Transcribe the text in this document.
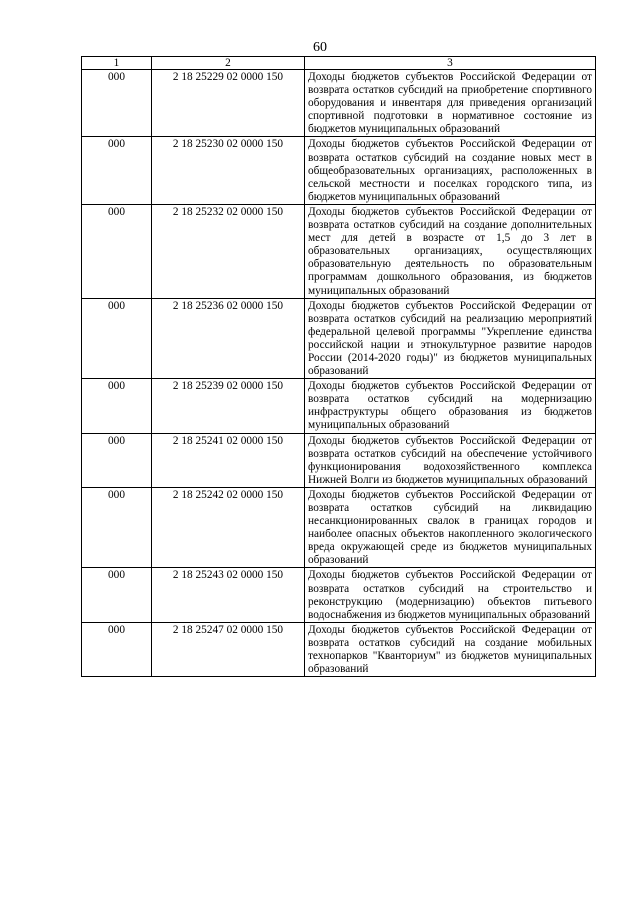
60
1	2	3
000	2 18 25229 02 0000 150	Доходы бюджетов субъектов Российской Федерации от возврата остатков субсидий на приобретение спортивного оборудования и инвентаря для приведения организаций спортивной подготовки в нормативное состояние из бюджетов муниципальных образований
000	2 18 25230 02 0000 150	Доходы бюджетов субъектов Российской Федерации от возврата остатков субсидий на создание новых мест в общеобразовательных организациях, расположенных в сельской местности и поселках городского типа, из бюджетов муниципальных образований
000	2 18 25232 02 0000 150	Доходы бюджетов субъектов Российской Федерации от возврата остатков субсидий на создание дополнительных мест для детей в возрасте от 1,5 до 3 лет в образовательных организациях, осуществляющих образовательную деятельность по образовательным программам дошкольного образования, из бюджетов муниципальных образований
000	2 18 25236 02 0000 150	Доходы бюджетов субъектов Российской Федерации от возврата остатков субсидий на реализацию мероприятий федеральной целевой программы "Укрепление единства российской нации и этнокультурное развитие народов России (2014-2020 годы)" из бюджетов муниципальных образований
000	2 18 25239 02 0000 150	Доходы бюджетов субъектов Российской Федерации от возврата остатков субсидий на модернизацию инфраструктуры общего образования из бюджетов муниципальных образований
000	2 18 25241 02 0000 150	Доходы бюджетов субъектов Российской Федерации от возврата остатков субсидий на обеспечение устойчивого функционирования водохозяйственного комплекса Нижней Волги из бюджетов муниципальных образований
000	2 18 25242 02 0000 150	Доходы бюджетов субъектов Российской Федерации от возврата остатков субсидий на ликвидацию несанкционированных свалок в границах городов и наиболее опасных объектов накопленного экологического вреда окружающей среде из бюджетов муниципальных образований
000	2 18 25243 02 0000 150	Доходы бюджетов субъектов Российской Федерации от возврата остатков субсидий на строительство и реконструкцию (модернизацию) объектов питьевого водоснабжения из бюджетов муниципальных образований
000	2 18 25247 02 0000 150	Доходы бюджетов субъектов Российской Федерации от возврата остатков субсидий на создание мобильных технопарков "Кванториум" из бюджетов муниципальных образований
